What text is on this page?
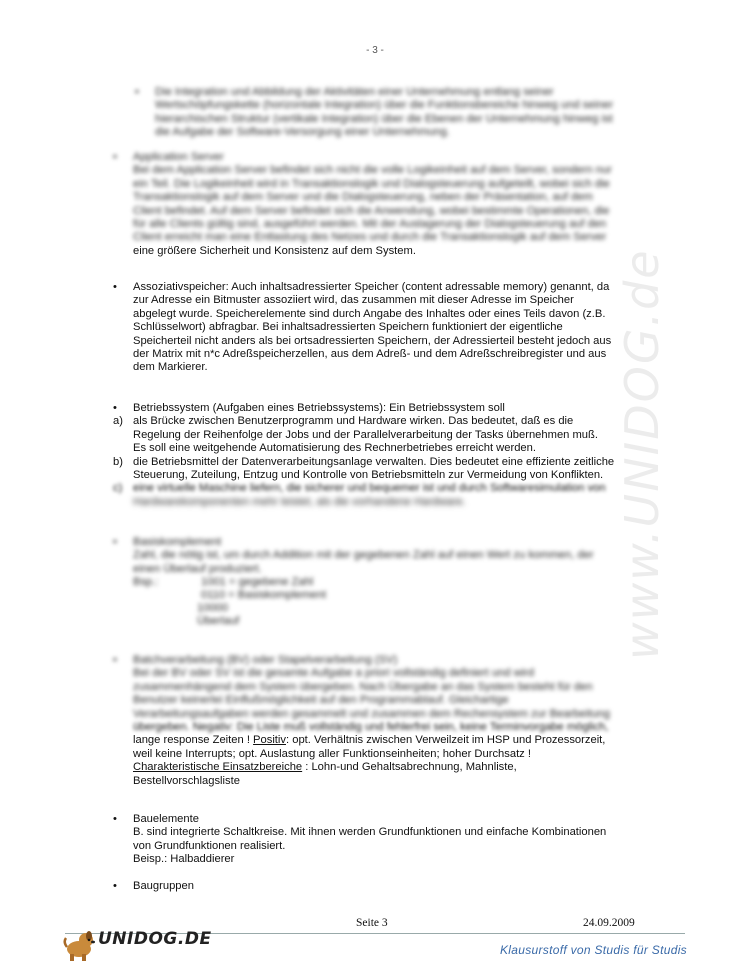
- 3 -
www.UNIDOG.de
• Die Integration und Abbildung der Aktivitäten einer Unternehmung entlang seiner
Wertschöpfungskette (horizontale Integration) über die Funktionsbereiche hinweg und seiner
hierarchischen Struktur (vertikale Integration) über die Ebenen der Unternehmung hinweg ist
die Aufgabe der Software-Versorgung einer Unternehmung.
• Application Server
Bei dem Application Server befindet sich nicht die volle Logikeinheit auf dem Server, sondern nur
ein Teil. Die Logikeinheit wird in Transaktionslogik und Dialogsteuerung aufgeteilt, wobei sich die
Transaktionslogik auf dem Server und die Dialogsteuerung, neben der Präsentation, auf dem
Client befindet. Auf dem Server befindet sich die Anwendung, wobei bestimmte Operationen, die
für alle Clients gültig sind, ausgeführt werden. Mit der Auslagerung der Dialogsteuerung auf den
Client erreicht man eine Entlastung des Netzes und durch die Transaktionslogik auf dem Server
eine größere Sicherheit und Konsistenz auf dem System.
• Assoziativspeicher: Auch inhaltsadressierter Speicher (content adressable memory) genannt, da
zur Adresse ein Bitmuster assoziiert wird, das zusammen mit dieser Adresse im Speicher
abgelegt wurde. Speicherelemente sind durch Angabe des Inhaltes oder eines Teils davon (z.B.
Schlüsselwort) abfragbar. Bei inhaltsadressierten Speichern funktioniert der eigentliche
Speicherteil nicht anders als bei ortsadressierten Speichern, der Adressierteil besteht jedoch aus
der Matrix mit n*c Adreßspeicherzellen, aus dem Adreß- und dem Adreßschreibregister und aus
dem Markierer.
• Betriebssystem (Aufgaben eines Betriebssystems): Ein Betriebssystem soll
a) als Brücke zwischen Benutzerprogramm und Hardware wirken. Das bedeutet, daß es die
Regelung der Reihenfolge der Jobs und der Parallelverarbeitung der Tasks übernehmen muß.
Es soll eine weitgehende Automatisierung des Rechnerbetriebes erreicht werden.
b) die Betriebsmittel der Datenverarbeitungsanlage verwalten. Dies bedeutet eine effiziente zeitliche
Steuerung, Zuteilung, Entzug und Kontrolle von Betriebsmitteln zur Vermeidung von Konflikten.
c) eine virtuelle Maschine liefern, die sicherer und bequemer ist und durch Softwaresimulation von
Hardwarekomponenten mehr leistet, als die vorhandene Hardware.
• Basiskomplement
Zahl, die nötig ist, um durch Addition mit der gegebenen Zahl auf einen Wert zu kommen, der
einen Überlauf produziert.
Bsp.:	1001 = gegebene Zahl
0110 = Basiskomplement
10000
Überlauf
• Batchverarbeitung (BV) oder Stapelverarbeitung (SV)
Bei der BV oder SV ist die gesamte Aufgabe a priori vollständig definiert und wird
zusammenhängend dem System übergeben. Nach Übergabe an das System besteht für den
Benutzer keinerlei Einflußmöglichkeit auf den Programmablauf. Gleichartige
Verarbeitungsaufgaben werden gesammelt und zusammen dem Rechensystem zur Bearbeitung
übergeben. Negativ: Die Liste muß vollständig und fehlerfrei sein, keine Terminvorgabe möglich,
lange response Zeiten ! Positiv: opt. Verhältnis zwischen Verweilzeit im HSP und Prozessorzeit,
weil keine Interrupts; opt. Auslastung aller Funktionseinheiten; hoher Durchsatz !
Charakteristische Einsatzbereiche : Lohn-und Gehaltsabrechnung, Mahnliste,
Bestellvorschlagsliste
• Bauelemente
B. sind integrierte Schaltkreise. Mit ihnen werden Grundfunktionen und einfache Kombinationen
von Grundfunktionen realisiert.
Beisp.: Halbaddierer
• Baugruppen
Seite 3	24.09.2009
UNIDOG.DE
Klausurstoff von Studis für Studis
